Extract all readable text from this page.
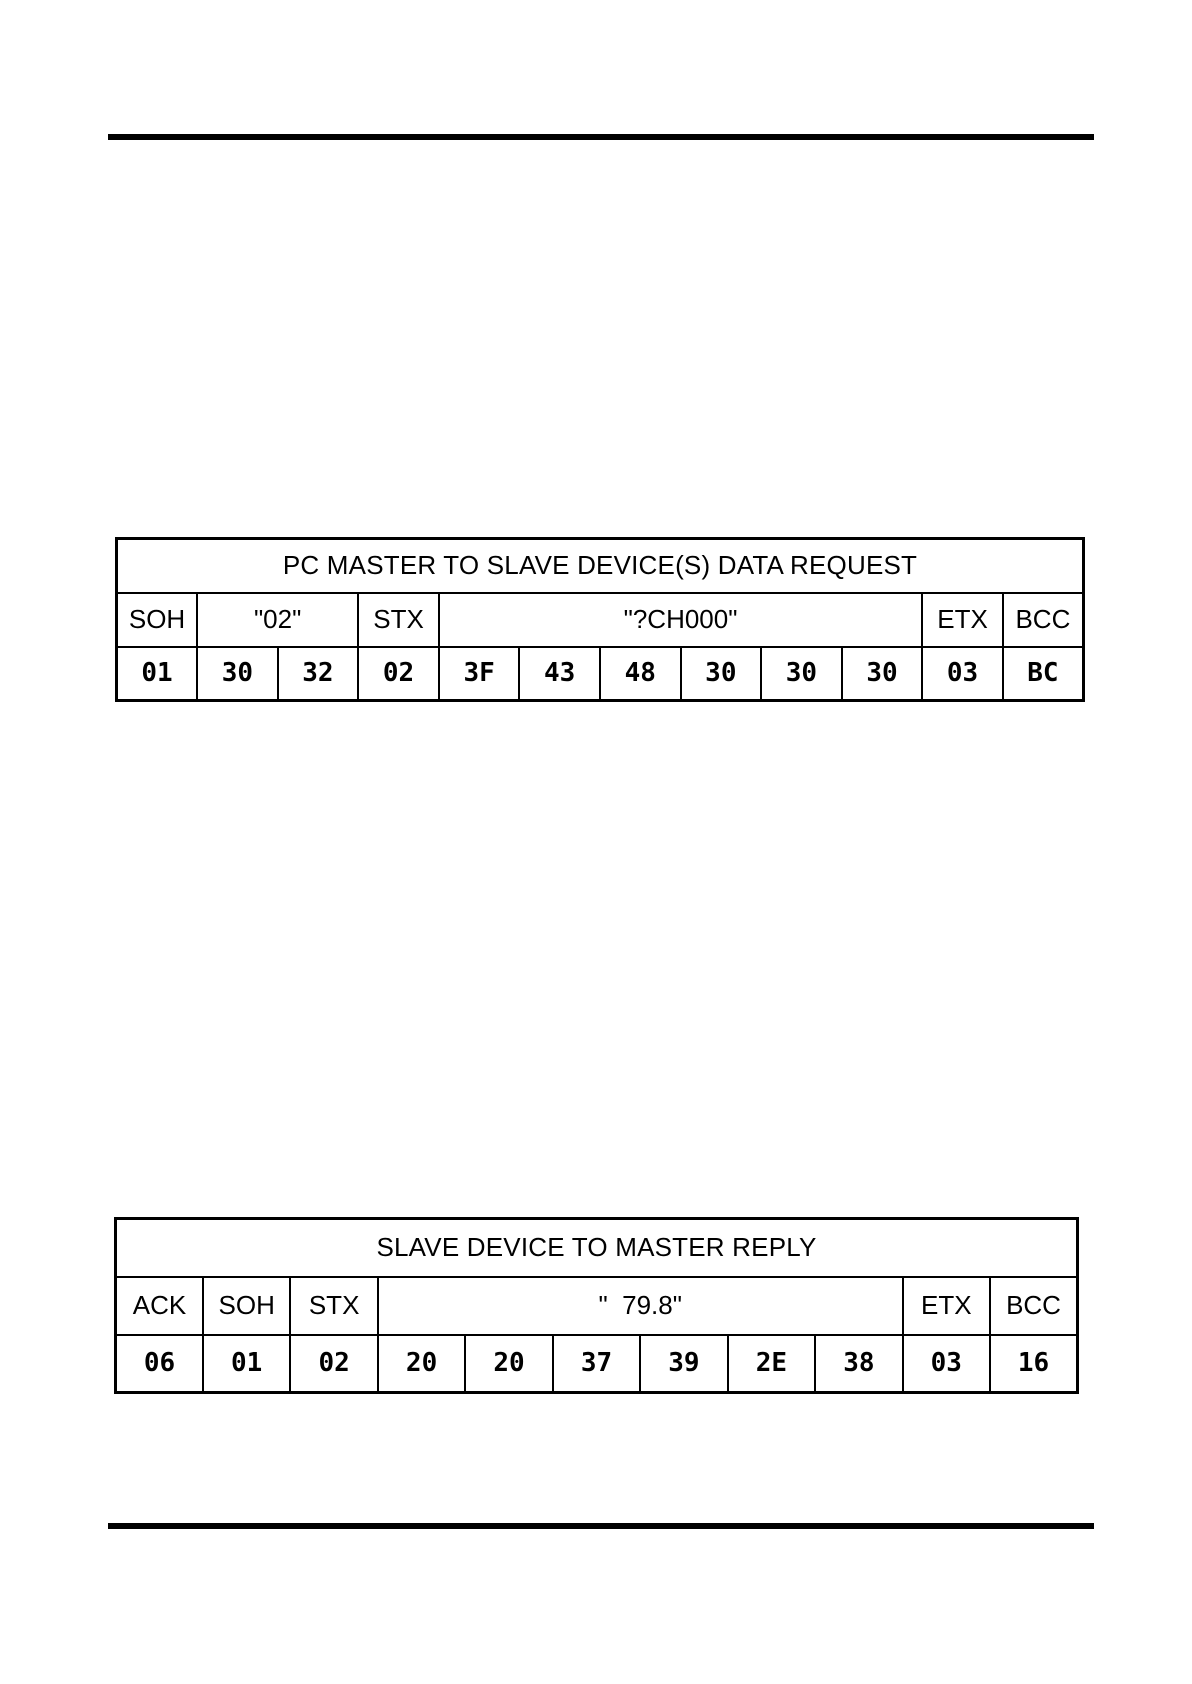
PC MASTER TO SLAVE DEVICE(S) DATA REQUEST											
SOH	"02"		STX	"?CH000"						ETX	BCC
01	30	32	02	3F	43	48	30	30	30	03	BC
SLAVE DEVICE TO MASTER REPLY										
ACK	SOH	STX	"  79.8"						ETX	BCC
06	01	02	20	20	37	39	2E	38	03	16
